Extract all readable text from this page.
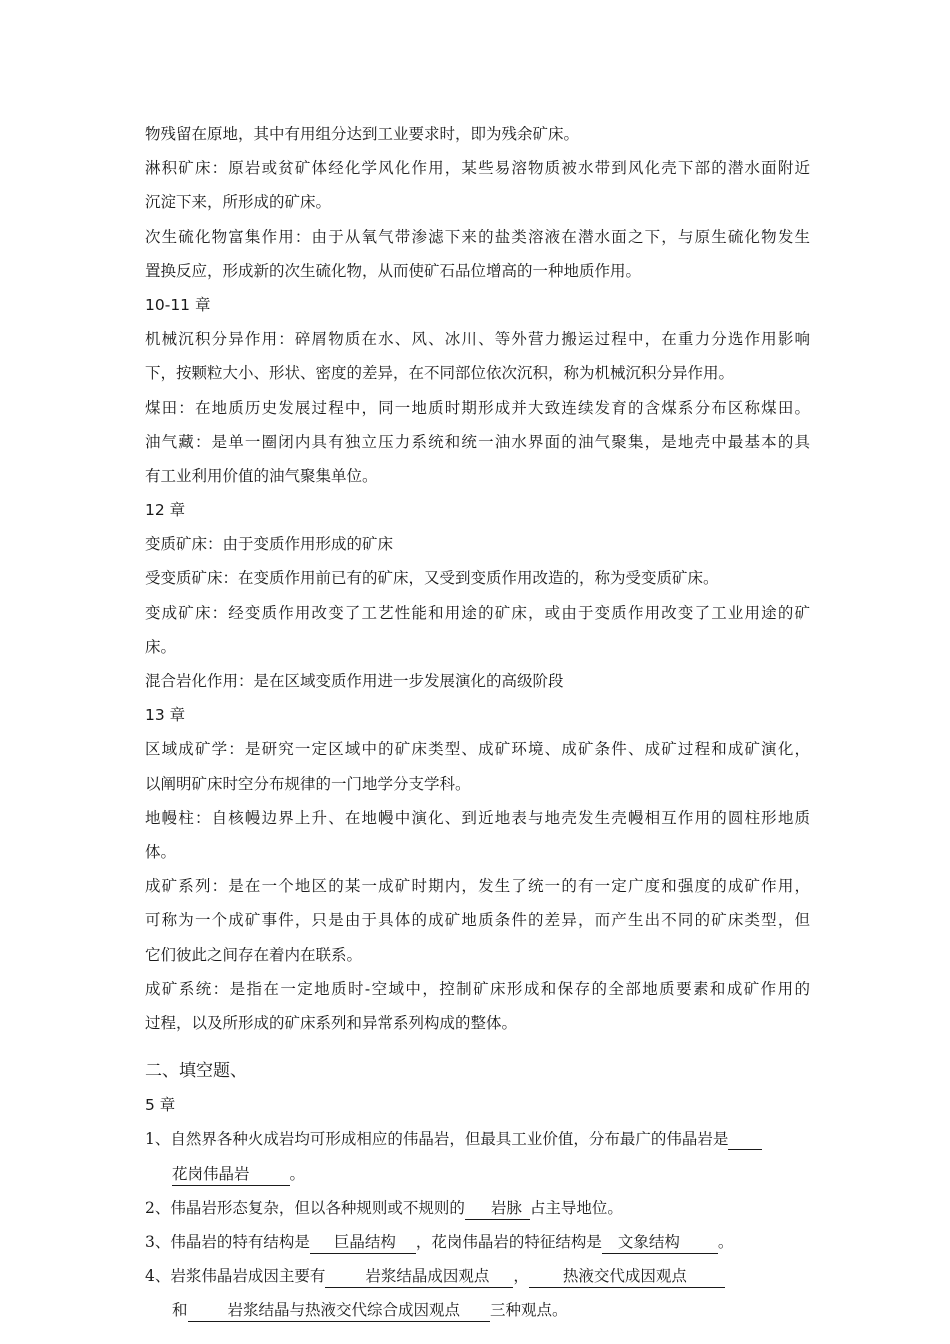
物残留在原地，其中有用组分达到工业要求时，即为残余矿床。
淋积矿床：原岩或贫矿体经化学风化作用，某些易溶物质被水带到风化壳下部的潜水面附近
沉淀下来，所形成的矿床。
次生硫化物富集作用：由于从氧气带渗滤下来的盐类溶液在潜水面之下，与原生硫化物发生
置换反应，形成新的次生硫化物，从而使矿石品位增高的一种地质作用。
10-11 章
机械沉积分异作用：碎屑物质在水、风、冰川、等外营力搬运过程中，在重力分选作用影响
下，按颗粒大小、形状、密度的差异，在不同部位依次沉积，称为机械沉积分异作用。
煤田：在地质历史发展过程中，同一地质时期形成并大致连续发育的含煤系分布区称煤田。
油气藏：是单一圈闭内具有独立压力系统和统一油水界面的油气聚集，是地壳中最基本的具
有工业利用价值的油气聚集单位。
12 章
变质矿床：由于变质作用形成的矿床
受变质矿床：在变质作用前已有的矿床，又受到变质作用改造的，称为受变质矿床。
变成矿床：经变质作用改变了工艺性能和用途的矿床，或由于变质作用改变了工业用途的矿
床。
混合岩化作用：是在区域变质作用进一步发展演化的高级阶段
13 章
区域成矿学：是研究一定区域中的矿床类型、成矿环境、成矿条件、成矿过程和成矿演化，
以阐明矿床时空分布规律的一门地学分支学科。
地幔柱：自核幔边界上升、在地幔中演化、到近地表与地壳发生壳幔相互作用的圆柱形地质
体。
成矿系列：是在一个地区的某一成矿时期内，发生了统一的有一定广度和强度的成矿作用，
可称为一个成矿事件，只是由于具体的成矿地质条件的差异，而产生出不同的矿床类型，但
它们彼此之间存在着内在联系。
成矿系统：是指在一定地质时-空域中，控制矿床形成和保存的全部地质要素和成矿作用的
过程，以及所形成的矿床系列和异常系列构成的整体。
二、填空题、
5 章
1、自然界各种火成岩均可形成相应的伟晶岩，但最具工业价值，分布最广的伟晶岩是
花岗伟晶岩	。
2、伟晶岩形态复杂，但以各种规则或不规则的 岩脉 占主导地位。
3、伟晶岩的特有结构是 巨晶结构 ，花岗伟晶岩的特征结构是 文象结构 。
4、岩浆伟晶岩成因主要有	岩浆结晶成因观点 ， 热液交代成因观点
和	岩浆结晶与热液交代综合成因观点 三种观点。
